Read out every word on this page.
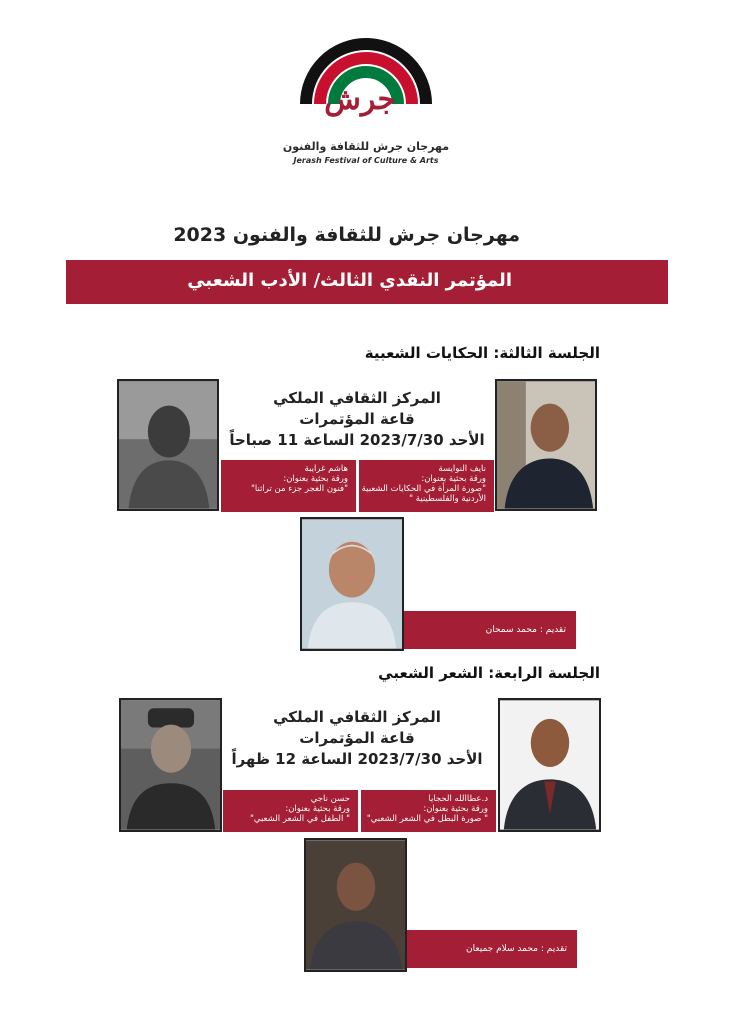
جرش
مهرجان جرش للثقافة والفنون
Jerash Festival of Culture & Arts
مهرجان جرش للثقافة والفنون 2023
المؤتمر النقدي الثالث/ الأدب الشعبي
الجلسة الثالثة: الحكايات الشعبية
المركز الثقافي الملكي
قاعة المؤتمرات
الأحد 2023/7/30 الساعة 11 صباحاً
هاشم غرايبة
ورقة بحثية بعنوان:
"فنون الغجر جزء من تراثنا"
نايف النوايسة
ورقة بحثية بعنوان:
"صورة المرأة في الحكايات الشعبية
الأردنية والفلسطينية "
تقديم : محمد سمحان
الجلسة الرابعة: الشعر الشعبي
المركز الثقافي الملكي
قاعة المؤتمرات
الأحد 2023/7/30 الساعة 12 ظهراً
حسن ناجي
ورقة بحثية بعنوان:
" الطفل في الشعر الشعبي"
د.عطاالله الحجايا
ورقة بحثية بعنوان:
" صورة البطل في الشعر الشعبي"
تقديم : محمد سلام جميعان
